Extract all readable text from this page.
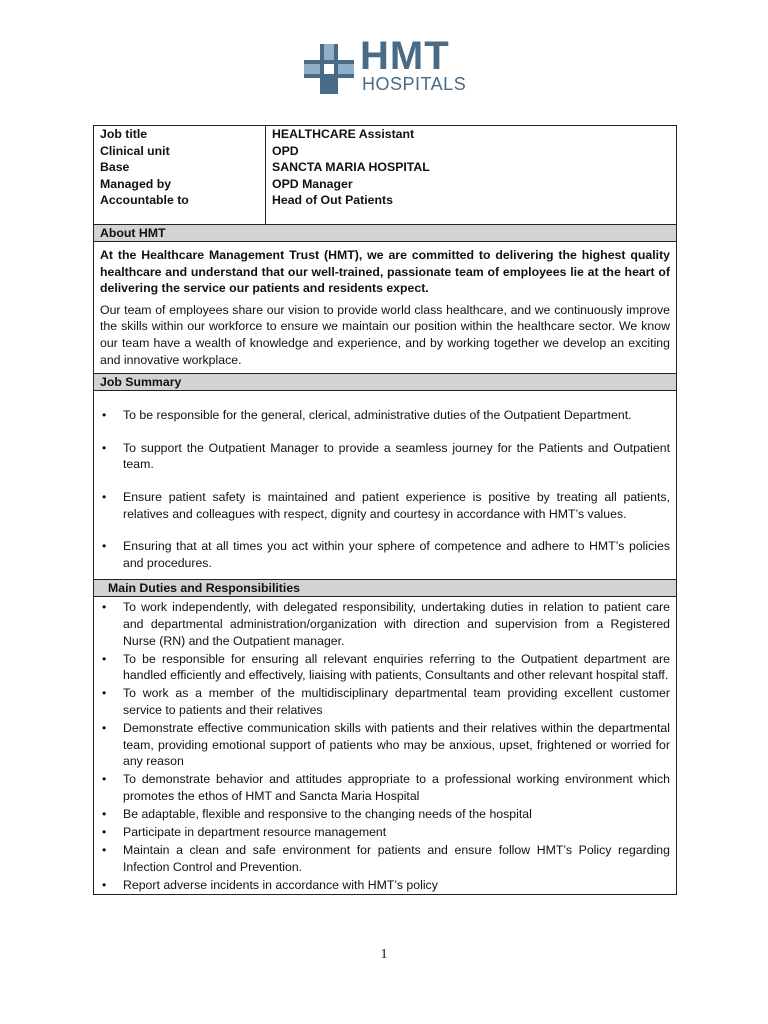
HMT
HOSPITALS
Job title
Clinical unit
Base
Managed by
Accountable to
HEALTHCARE Assistant
OPD
SANCTA MARIA HOSPITAL
OPD Manager
Head of Out Patients
About HMT

At the Healthcare Management Trust (HMT), we are committed to delivering the highest quality healthcare and understand that our well-trained, passionate team of employees lie at the heart of delivering the service our patients and residents expect.

Our team of employees share our vision to provide world class healthcare, and we continuously improve the skills within our workforce to ensure we maintain our position within the healthcare sector. We know our team have a wealth of knowledge and experience, and by working together we develop an exciting and innovative workplace.

Job Summary
• To be responsible for the general, clerical, administrative duties of the Outpatient Department.
• To support the Outpatient Manager to provide a seamless journey for the Patients and Outpatient team.
• Ensure patient safety is maintained and patient experience is positive by treating all patients, relatives and colleagues with respect, dignity and courtesy in accordance with HMT’s values.
• Ensuring that at all times you act within your sphere of competence and adhere to HMT’s policies and procedures.
Main Duties and Responsibilities
• To work independently, with delegated responsibility, undertaking duties in relation to patient care and departmental administration/organization with direction and supervision from a Registered Nurse (RN) and the Outpatient manager.
• To be responsible for ensuring all relevant enquiries referring to the Outpatient department are handled efficiently and effectively, liaising with patients, Consultants and other relevant hospital staff.
• To work as a member of the multidisciplinary departmental team providing excellent customer service to patients and their relatives
• Demonstrate effective communication skills with patients and their relatives within the departmental team, providing emotional support of patients who may be anxious, upset, frightened or worried for any reason
• To demonstrate behavior and attitudes appropriate to a professional working environment which promotes the ethos of HMT and Sancta Maria Hospital
• Be adaptable, flexible and responsive to the changing needs of the hospital
• Participate in department resource management
• Maintain a clean and safe environment for patients and ensure follow HMT’s Policy regarding Infection Control and Prevention.
• Report adverse incidents in accordance with HMT’s policy
1
